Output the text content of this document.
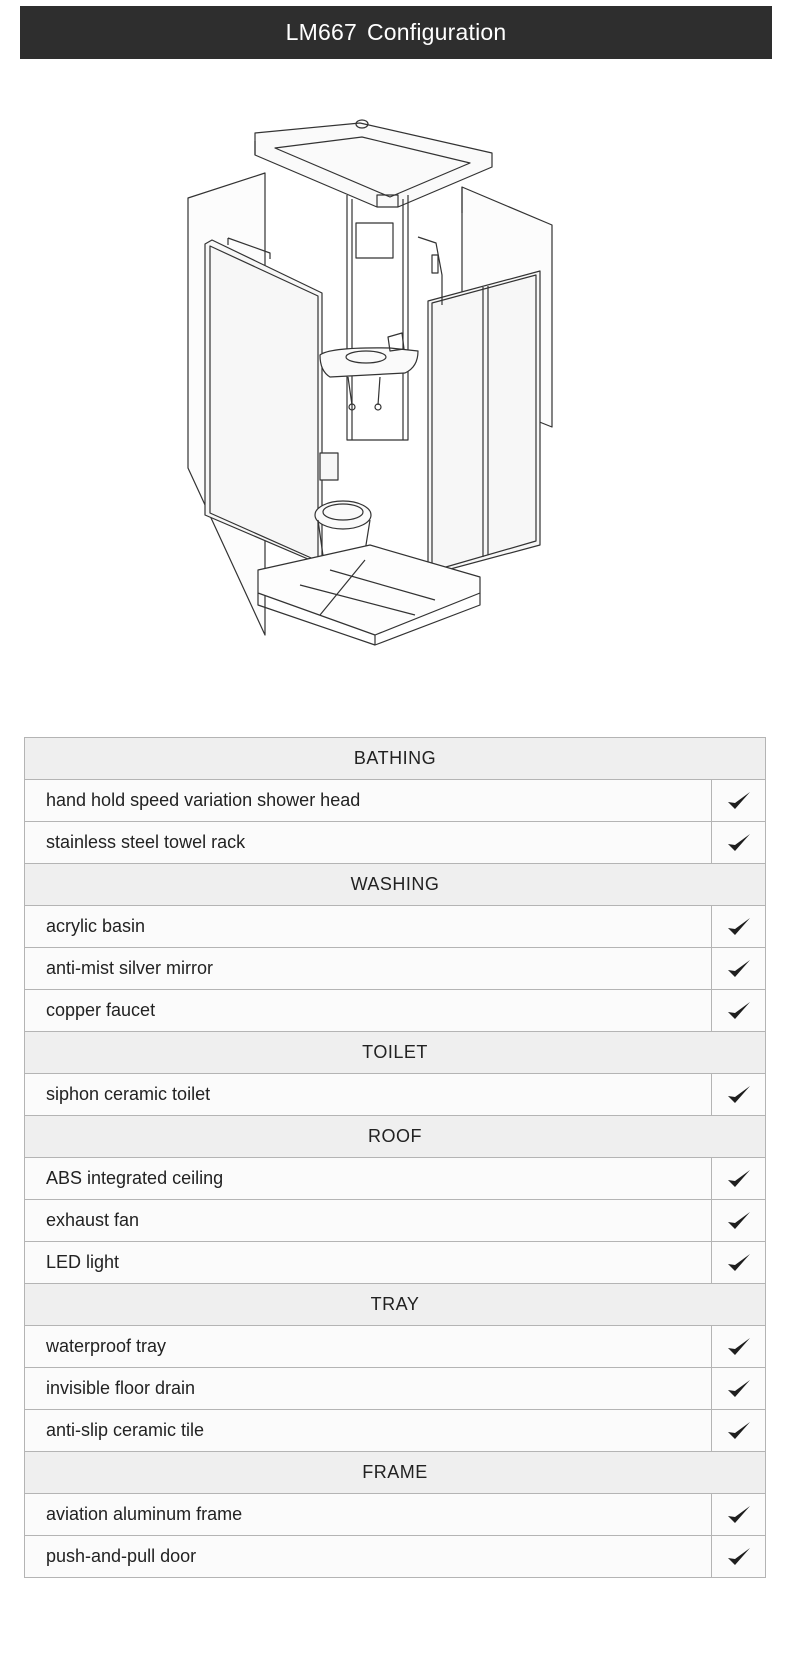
LM667 Configuration
BATHING
hand hold speed variation shower head
stainless steel towel rack
WASHING
acrylic basin
anti-mist silver mirror
copper faucet
TOILET
siphon ceramic toilet
ROOF
ABS integrated ceiling
exhaust fan
LED light
TRAY
waterproof tray
invisible floor drain
anti-slip ceramic tile
FRAME
aviation aluminum frame
push-and-pull door
